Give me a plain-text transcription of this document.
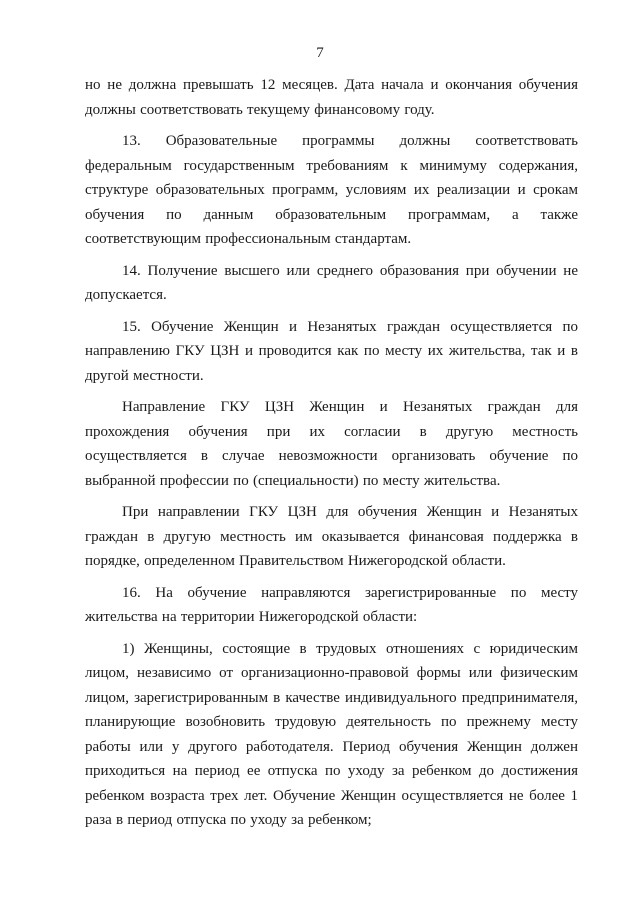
7

но не должна превышать 12 месяцев. Дата начала и окончания обучения должны соответствовать текущему финансовому году.

13. Образовательные программы должны соответствовать федеральным государственным требованиям к минимуму содержания, структуре образовательных программ, условиям их реализации и срокам обучения по данным образовательным программам, а также соответствующим профессиональным стандартам.

14. Получение высшего или среднего образования при обучении не допускается.

15. Обучение Женщин и Незанятых граждан осуществляется по направлению ГКУ ЦЗН и проводится как по месту их жительства, так и в другой местности.

Направление ГКУ ЦЗН Женщин и Незанятых граждан для прохождения обучения при их согласии в другую местность осуществляется в случае невозможности организовать обучение по выбранной профессии по (специальности) по месту жительства.

При направлении ГКУ ЦЗН для обучения Женщин и Незанятых граждан в другую местность им оказывается финансовая поддержка в порядке, определенном Правительством Нижегородской области.

16. На обучение направляются зарегистрированные по месту жительства на территории Нижегородской области:

1) Женщины, состоящие в трудовых отношениях с юридическим лицом, независимо от организационно-правовой формы или физическим лицом, зарегистрированным в качестве индивидуального предпринимателя, планирующие возобновить трудовую деятельность по прежнему месту работы или у другого работодателя. Период обучения Женщин должен приходиться на период ее отпуска по уходу за ребенком до достижения ребенком возраста трех лет. Обучение Женщин осуществляется не более 1 раза в период отпуска по уходу за ребенком;
